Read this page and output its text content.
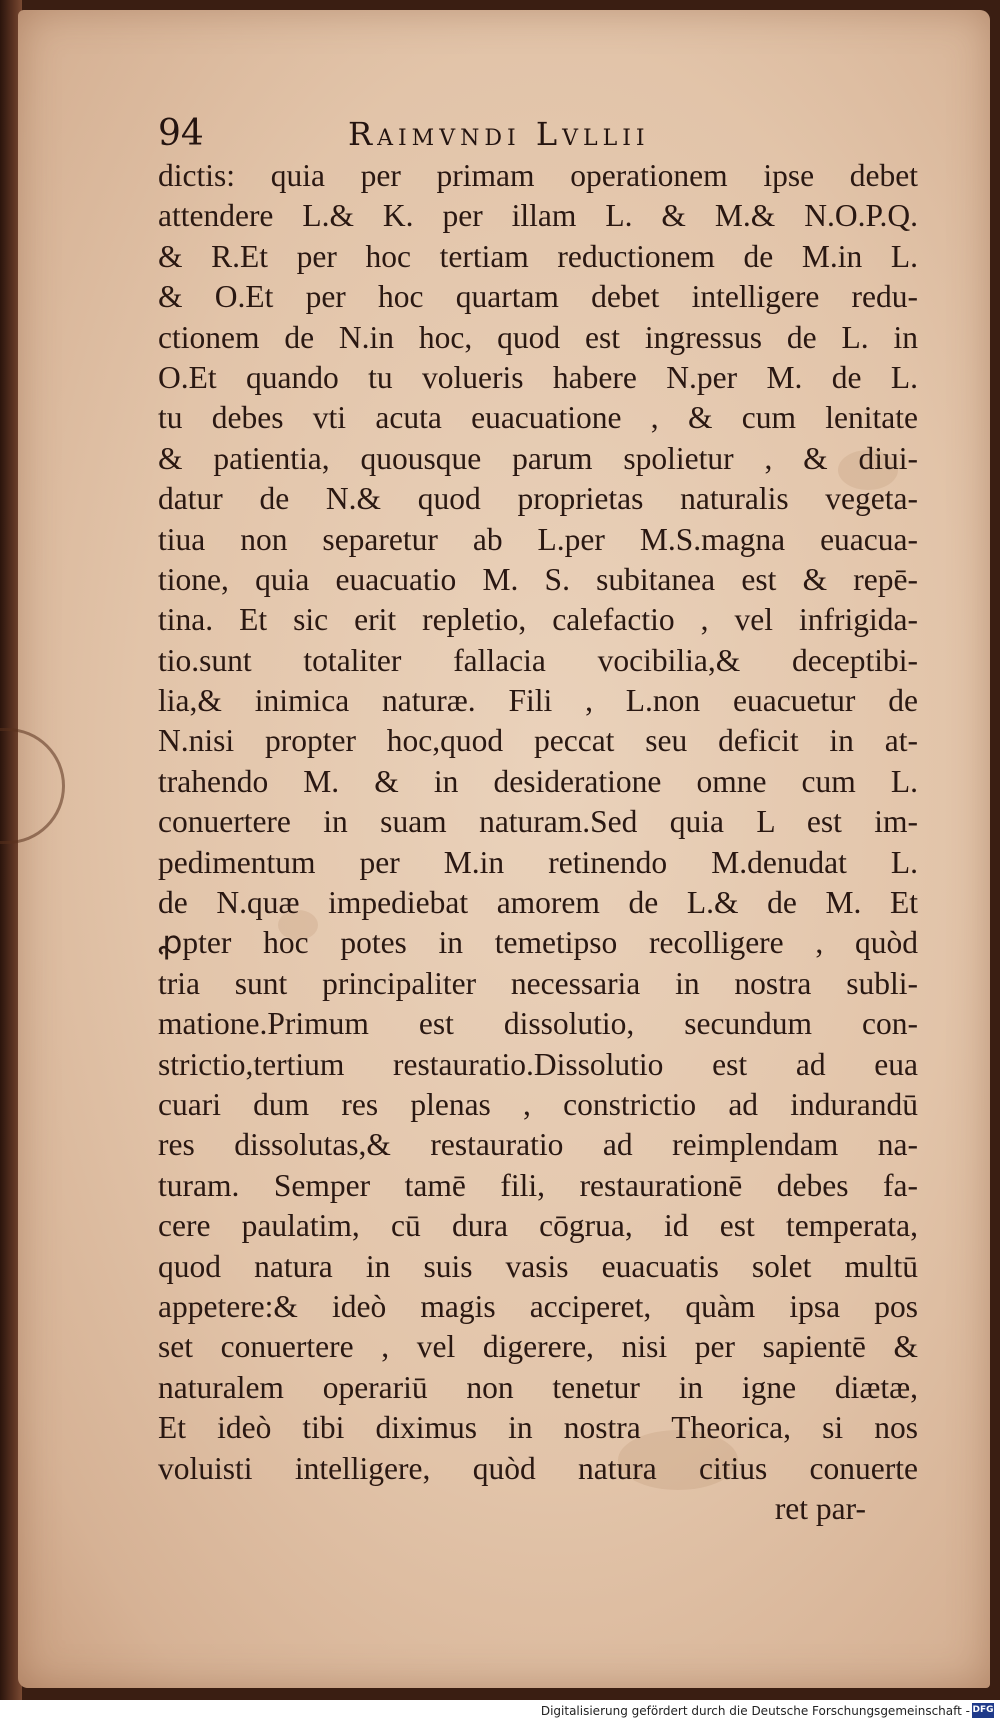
94	Raimvndi Lvllii
dictis: quia per primam operationem ipse debet
attendere L.& K. per illam L. & M.& N.O.P.Q.
& R.Et per hoc tertiam reductionem de M.in L.
& O.Et per hoc quartam debet intelligere redu-
ctionem de N.in hoc, quod est ingressus de L. in
O.Et quando tu volueris habere N.per M. de L.
tu debes vti acuta euacuatione , & cum lenitate
& patientia, quousque parum spolietur , & diui-
datur de N.& quod proprietas naturalis vegeta-
tiua non separetur ab L.per M.S.magna euacua-
tione, quia euacuatio M. S. subitanea est & repē-
tina. Et sic erit repletio, calefactio , vel infrigida-
tio.sunt totaliter fallacia vocibilia,& deceptibi-
lia,& inimica naturæ. Fili , L.non euacuetur de
N.nisi propter hoc,quod peccat seu deficit in at-
trahendo M. & in desideratione omne cum L.
conuertere in suam naturam.Sed quia L est im-
pedimentum per M.in retinendo M.denudat L.
de N.quæ impediebat amorem de L.& de M. Et
ꝓpter hoc potes in temetipso recolligere , quòd
tria sunt principaliter necessaria in nostra subli-
matione.Primum est dissolutio, secundum con-
strictio,tertium restauratio.Dissolutio est ad eua
cuari dum res plenas , constrictio ad indurandū
res dissolutas,& restauratio ad reimplendam na-
turam. Semper tamē fili, restaurationē debes fa-
cere paulatim, cū dura cōgrua, id est temperata,
quod natura in suis vasis euacuatis solet multū
appetere:& ideò magis acciperet, quàm ipsa pos
set conuertere , vel digerere, nisi per sapientē &
naturalem operariū non tenetur in igne diætæ,
Et ideò tibi diximus in nostra Theorica, si nos
voluisti intelligere, quòd natura citius conuerte
ret par-
Digitalisierung gefördert durch die Deutsche Forschungsgemeinschaft - DFG
